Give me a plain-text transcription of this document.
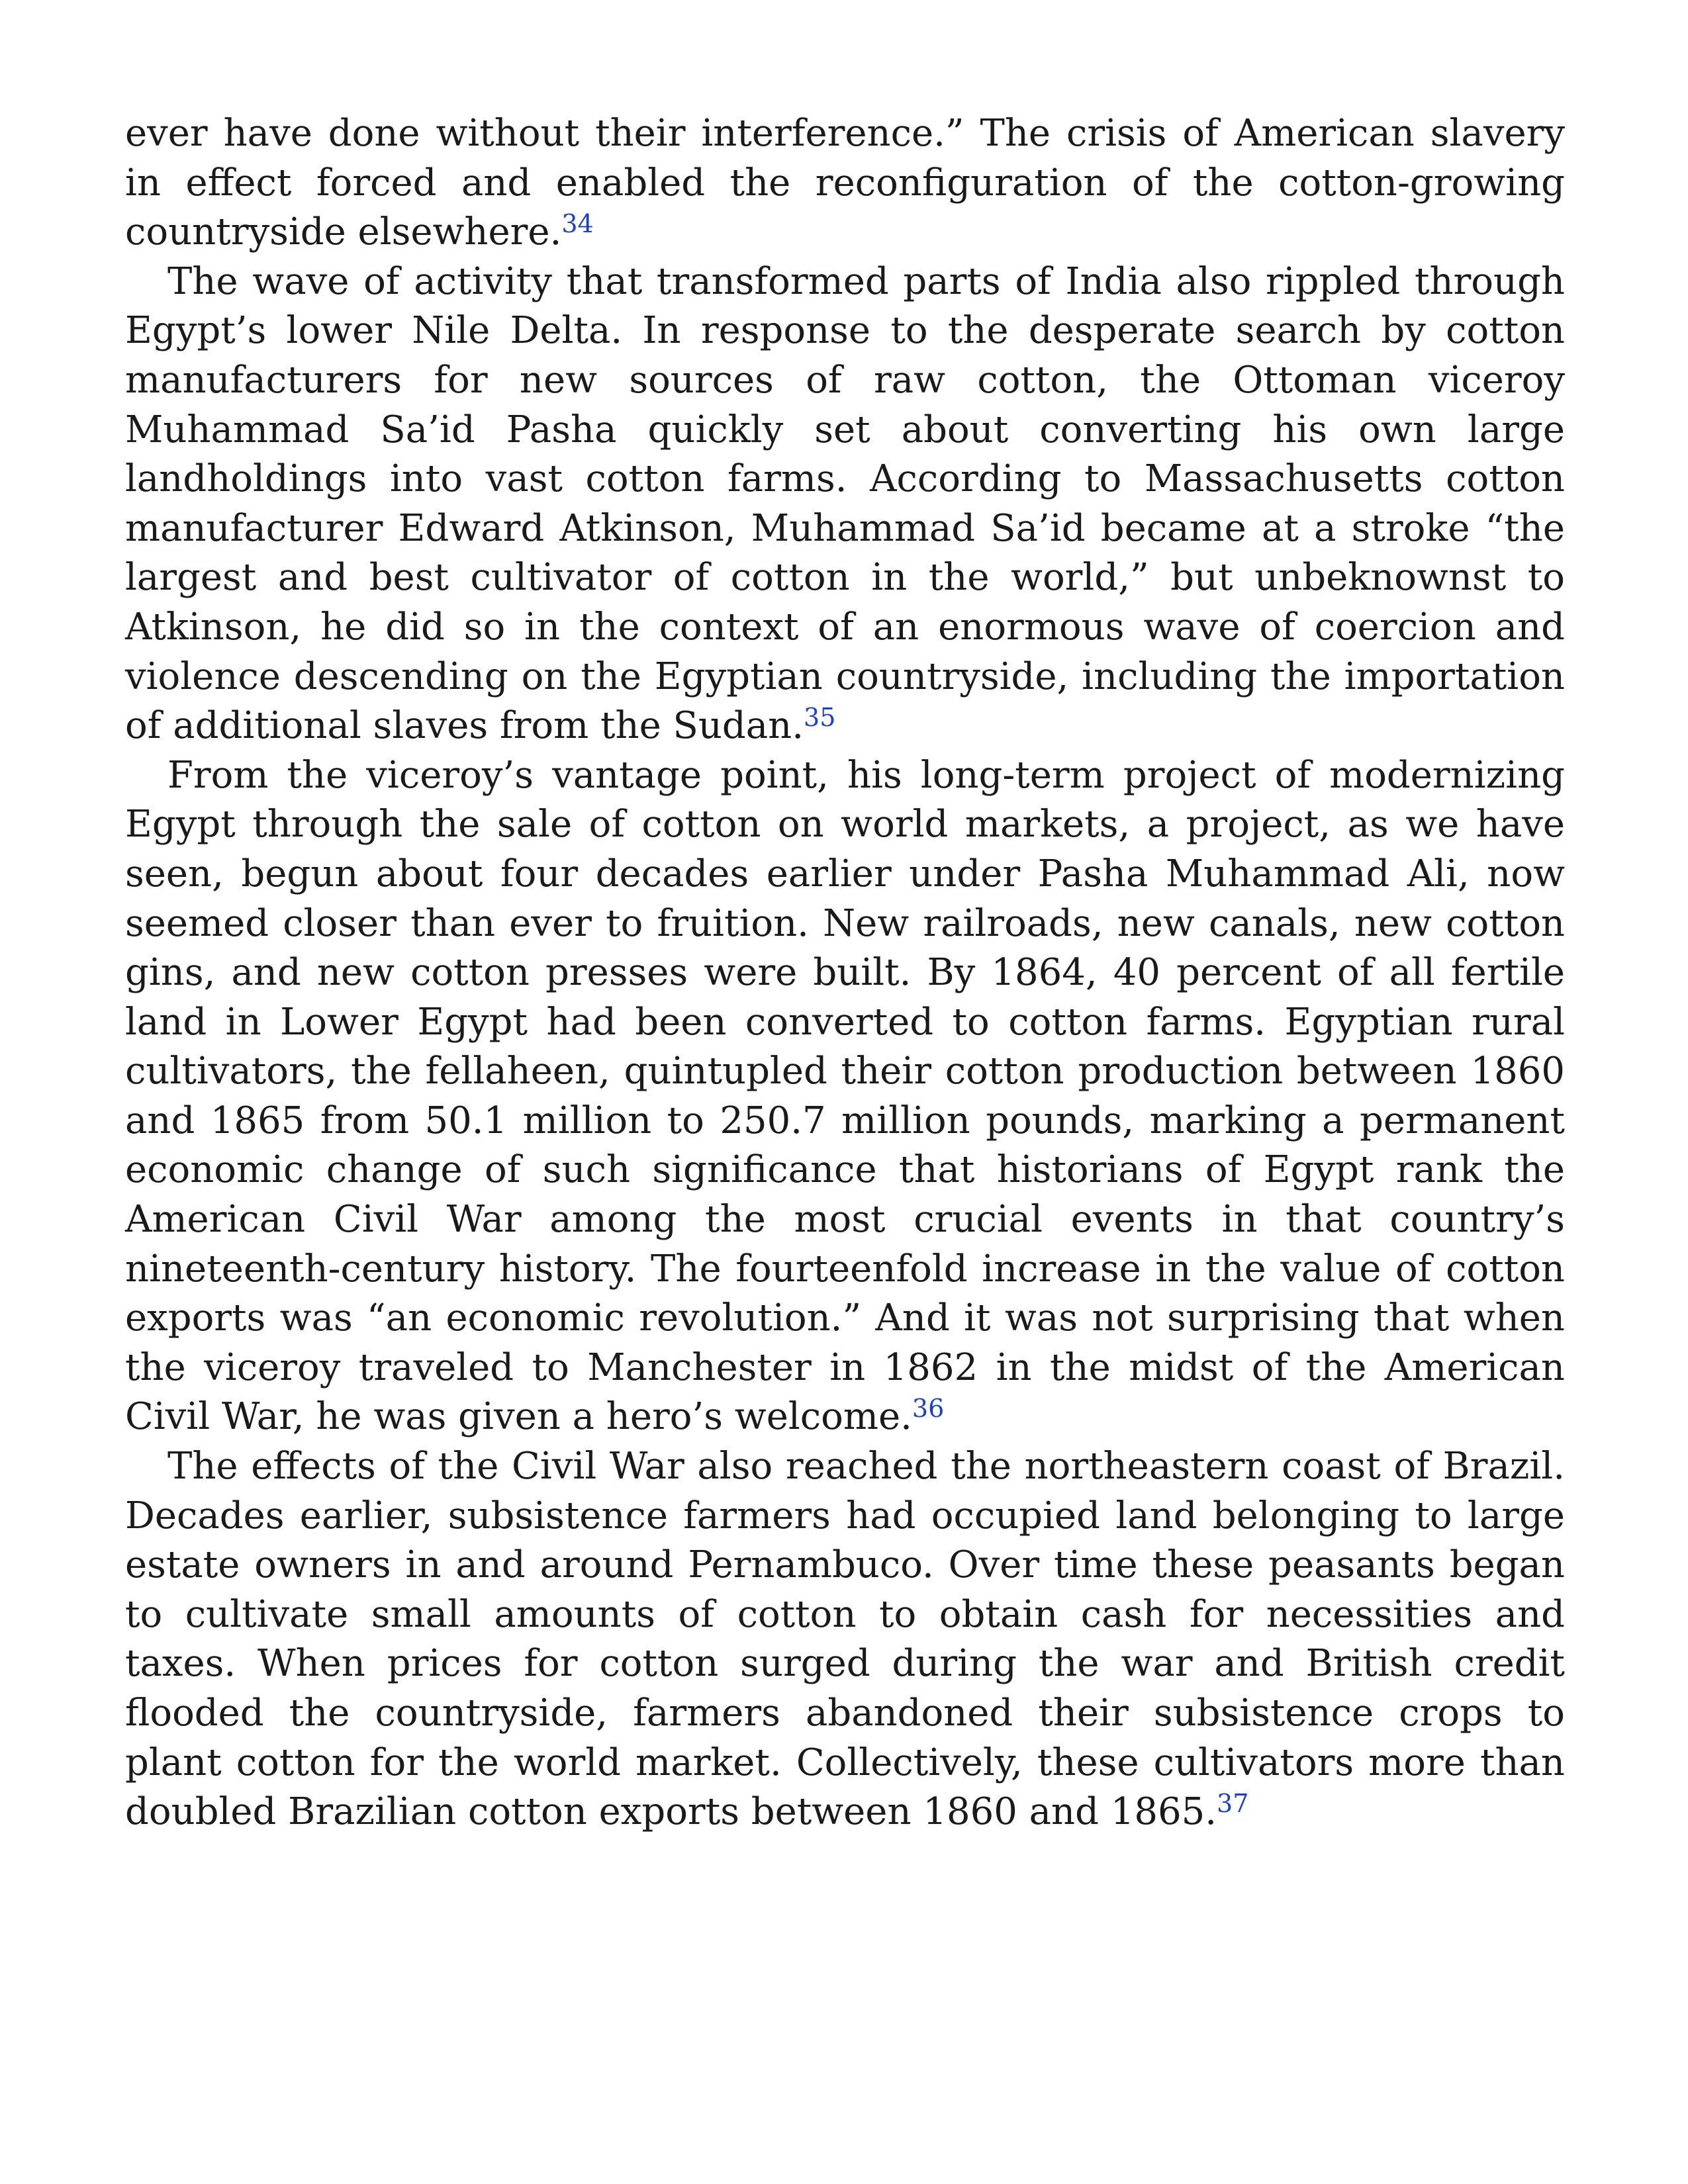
ever have done without their interference.” The crisis of American slavery in effect forced and enabled the reconfiguration of the cotton-growing countryside elsewhere.$^{34}$

The wave of activity that transformed parts of India also rippled through Egypt’s lower Nile Delta. In response to the desperate search by cotton manufacturers for new sources of raw cotton, the Ottoman viceroy Muhammad Sa’id Pasha quickly set about converting his own large landholdings into vast cotton farms. According to Massachusetts cotton manufacturer Edward Atkinson, Muhammad Sa’id became at a stroke “the largest and best cultivator of cotton in the world,” but unbeknownst to Atkinson, he did so in the context of an enormous wave of coercion and violence descending on the Egyptian countryside, including the importation of additional slaves from the Sudan.$^{35}$

From the viceroy’s vantage point, his long-term project of modernizing Egypt through the sale of cotton on world markets, a project, as we have seen, begun about four decades earlier under Pasha Muhammad Ali, now seemed closer than ever to fruition. New railroads, new canals, new cotton gins, and new cotton presses were built. By 1864, 40 percent of all fertile land in Lower Egypt had been converted to cotton farms. Egyptian rural cultivators, the fellaheen, quintupled their cotton production between 1860 and 1865 from 50.1 million to 250.7 million pounds, marking a permanent economic change of such significance that historians of Egypt rank the American Civil War among the most crucial events in that country’s nineteenth-century history. The fourteenfold increase in the value of cotton exports was “an economic revolution.” And it was not surprising that when the viceroy traveled to Manchester in 1862 in the midst of the American Civil War, he was given a hero’s welcome.$^{36}$

The effects of the Civil War also reached the northeastern coast of Brazil. Decades earlier, subsistence farmers had occupied land belonging to large estate owners in and around Pernambuco. Over time these peasants began to cultivate small amounts of cotton to obtain cash for necessities and taxes. When prices for cotton surged during the war and British credit flooded the countryside, farmers abandoned their subsistence crops to plant cotton for the world market. Collectively, these cultivators more than doubled Brazilian cotton exports between 1860 and 1865.37
